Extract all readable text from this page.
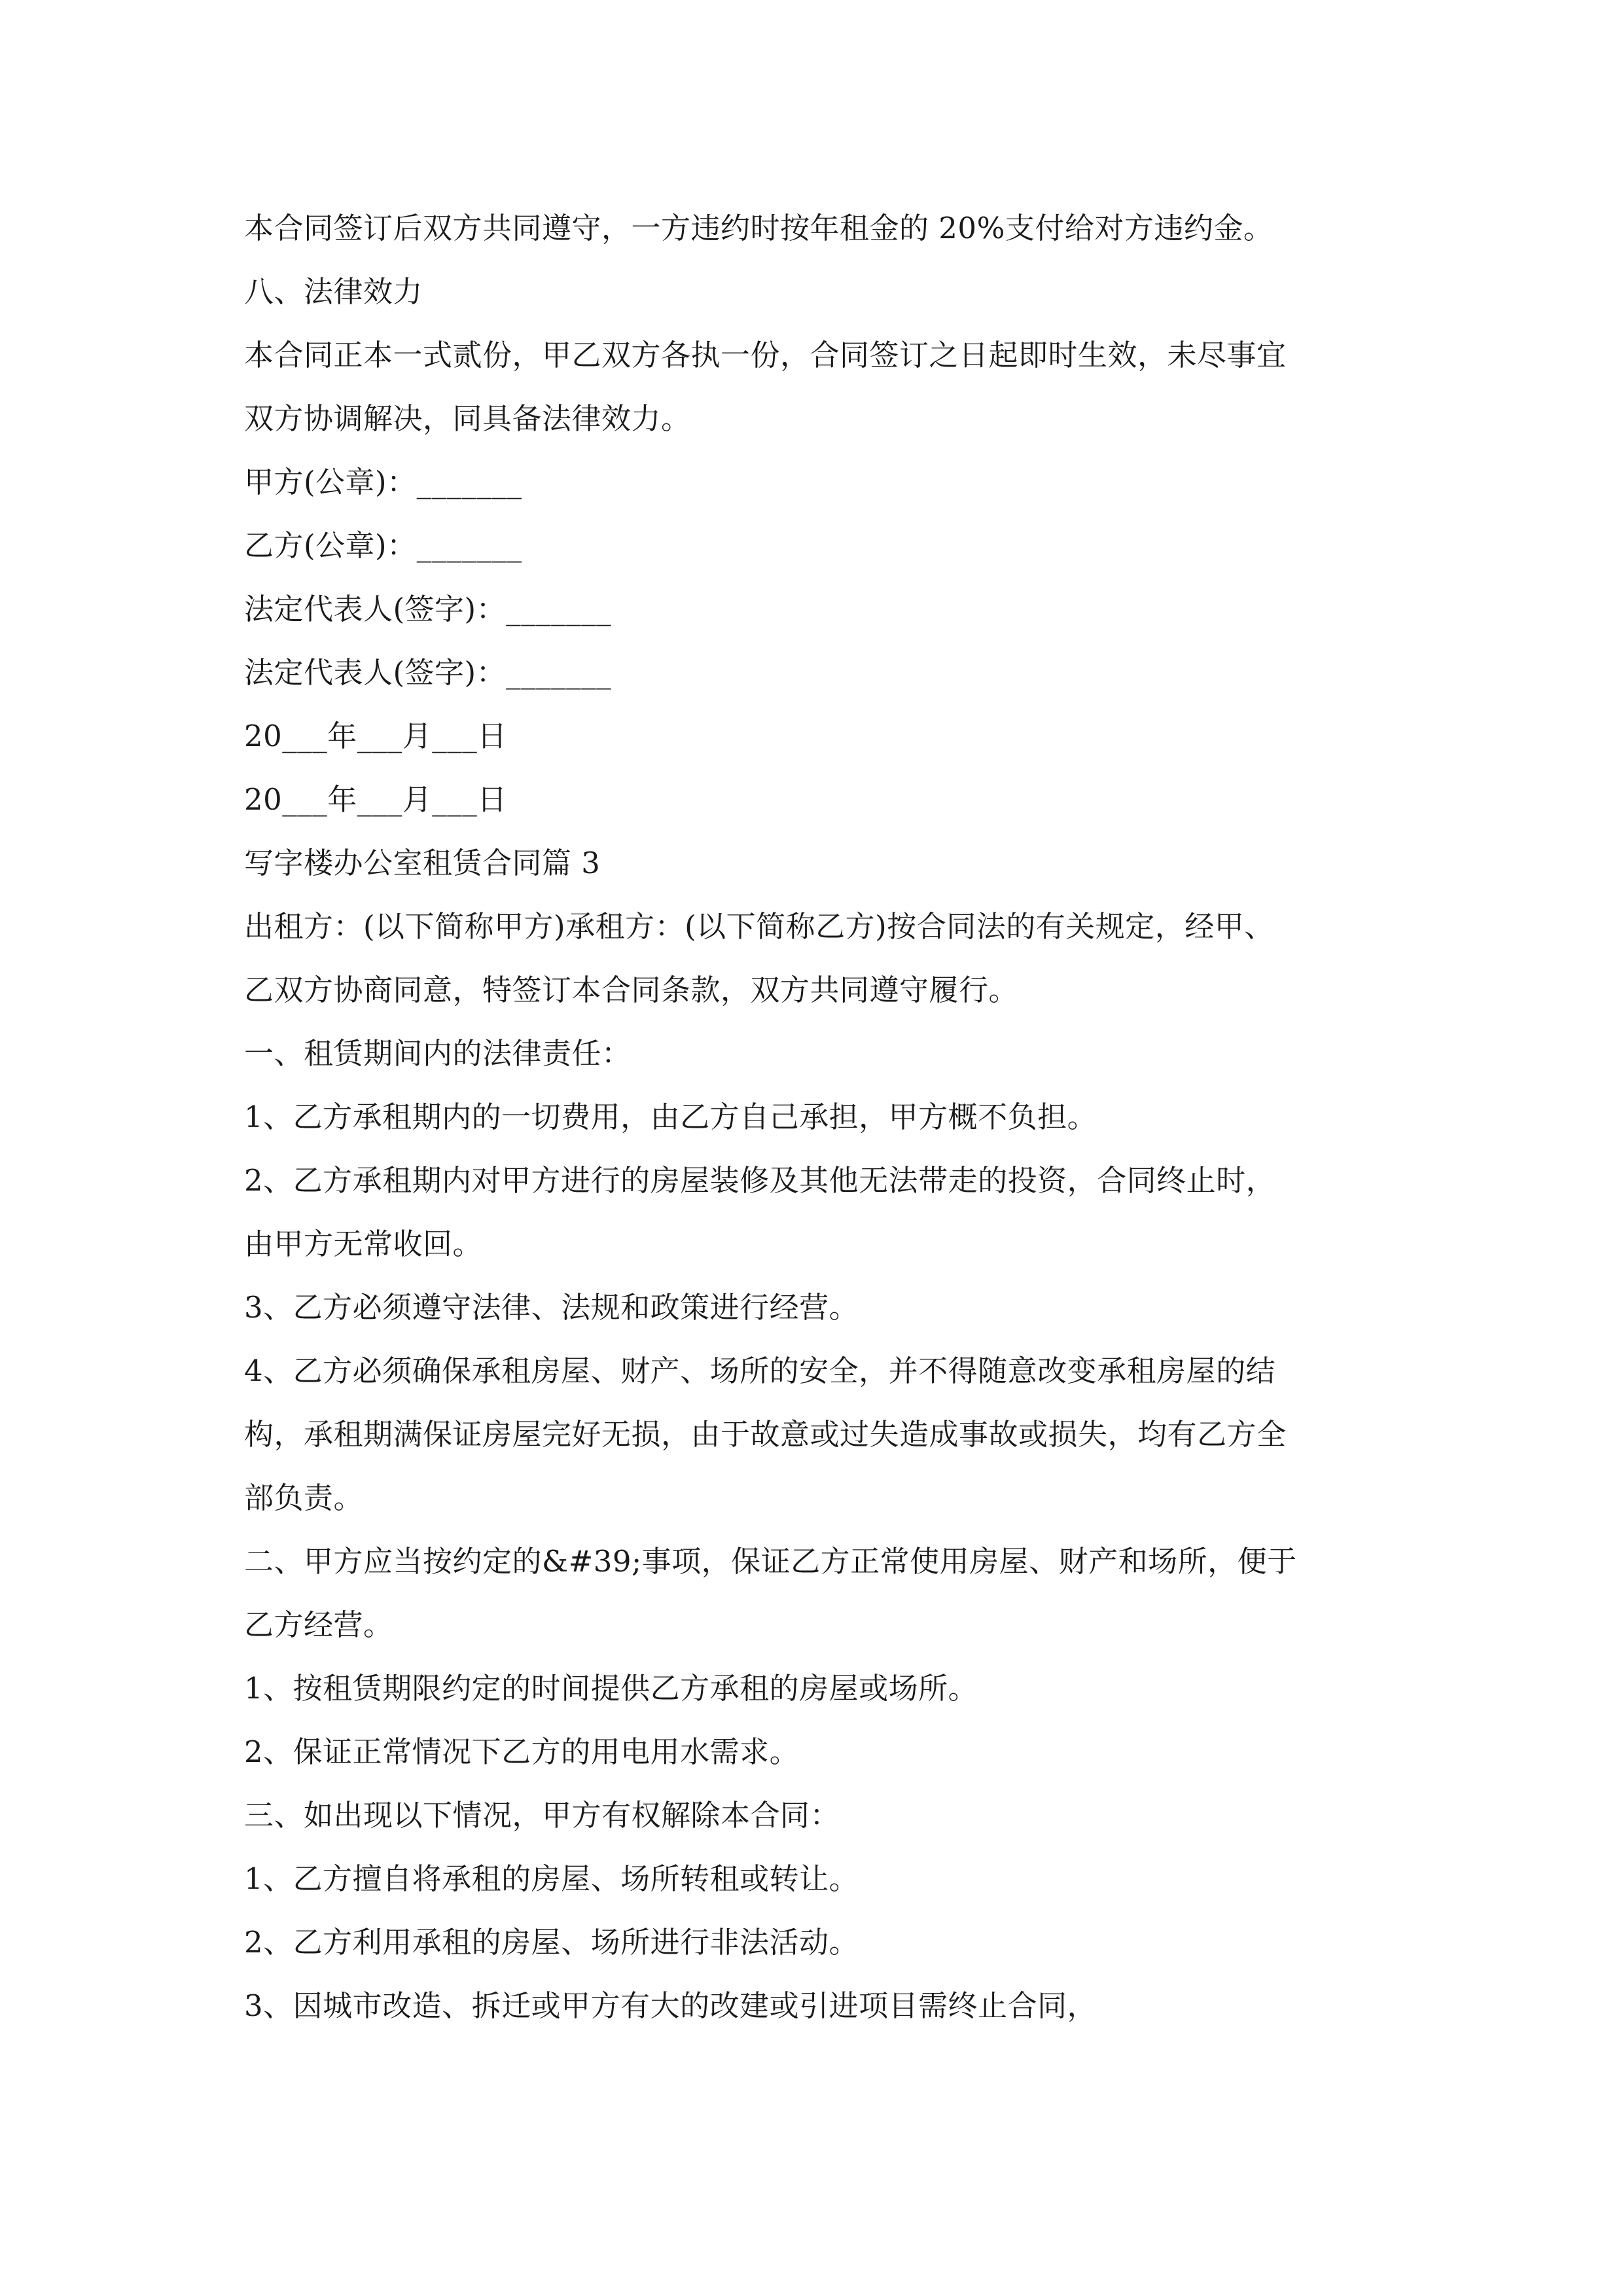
本合同签订后双方共同遵守，一方违约时按年租金的 20%支付给对方违约金。
八、法律效力
本合同正本一式贰份，甲乙双方各执一份，合同签订之日起即时生效，未尽事宜
双方协调解决，同具备法律效力。
甲方(公章)：_______
乙方(公章)：_______
法定代表人(签字)：_______
法定代表人(签字)：_______
20___年___月___日
20___年___月___日
写字楼办公室租赁合同篇 3
出租方：(以下简称甲方)承租方：(以下简称乙方)按合同法的有关规定，经甲、
乙双方协商同意，特签订本合同条款，双方共同遵守履行。
一、租赁期间内的法律责任：
1、乙方承租期内的一切费用，由乙方自己承担，甲方概不负担。
2、乙方承租期内对甲方进行的房屋装修及其他无法带走的投资，合同终止时，
由甲方无常收回。
3、乙方必须遵守法律、法规和政策进行经营。
4、乙方必须确保承租房屋、财产、场所的安全，并不得随意改变承租房屋的结
构，承租期满保证房屋完好无损，由于故意或过失造成事故或损失，均有乙方全
部负责。
二、甲方应当按约定的&#39;事项，保证乙方正常使用房屋、财产和场所，便于
乙方经营。
1、按租赁期限约定的时间提供乙方承租的房屋或场所。
2、保证正常情况下乙方的用电用水需求。
三、如出现以下情况，甲方有权解除本合同：
1、乙方擅自将承租的房屋、场所转租或转让。
2、乙方利用承租的房屋、场所进行非法活动。
3、因城市改造、拆迁或甲方有大的改建或引进项目需终止合同，
